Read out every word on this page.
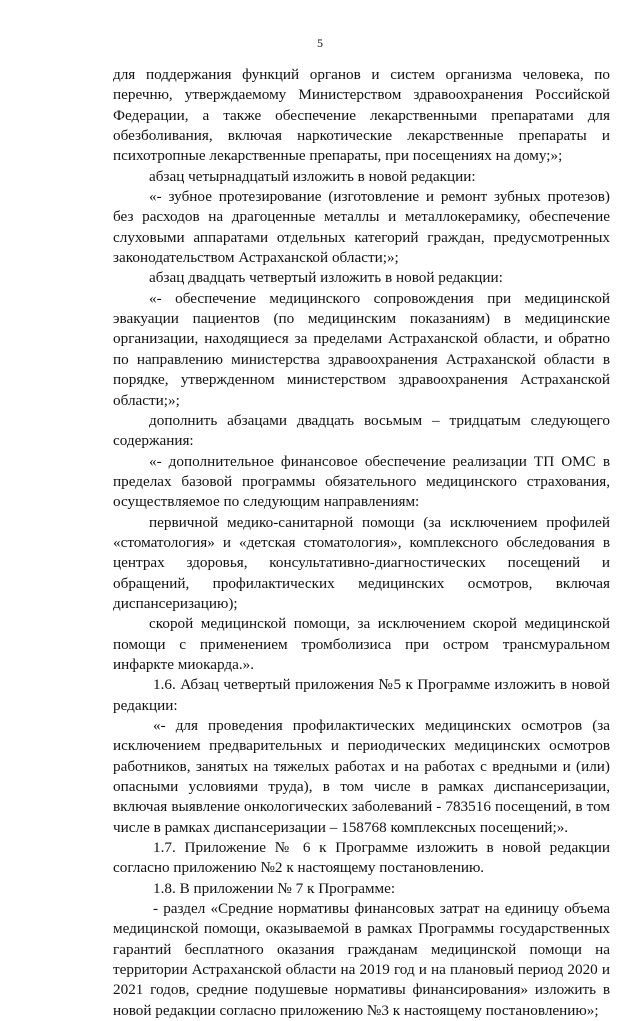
5

для поддержания функций органов и систем организма человека, по перечню, утверждаемому Министерством здравоохранения Российской Федерации, а также обеспечение лекарственными препаратами для обезболивания, включая наркотические лекарственные препараты и психотропные лекарственные препараты, при посещениях на дому;»;

абзац четырнадцатый изложить в новой редакции:

«- зубное протезирование (изготовление и ремонт зубных протезов) без расходов на драгоценные металлы и металлокерамику, обеспечение слуховыми аппаратами отдельных категорий граждан, предусмотренных законодательством Астраханской области;»;

абзац двадцать четвертый изложить в новой редакции:

«- обеспечение медицинского сопровождения при медицинской эвакуации пациентов (по медицинским показаниям) в медицинские организации, находящиеся за пределами Астраханской области, и обратно по направлению министерства здравоохранения Астраханской области в порядке, утвержденном министерством здравоохранения Астраханской области;»;

дополнить абзацами двадцать восьмым – тридцатым следующего содержания:

«- дополнительное финансовое обеспечение реализации ТП ОМС в пределах базовой программы обязательного медицинского страхования, осуществляемое по следующим направлениям:

первичной медико-санитарной помощи (за исключением профилей «стоматология» и «детская стоматология», комплексного обследования в центрах здоровья, консультативно-диагностических посещений и обращений, профилактических медицинских осмотров, включая диспансеризацию);

скорой медицинской помощи, за исключением скорой медицинской помощи с применением тромболизиса при остром трансмуральном инфаркте миокарда.».

1.6. Абзац четвертый приложения №5 к Программе изложить в новой редакции:

«- для проведения профилактических медицинских осмотров (за исключением предварительных и периодических медицинских осмотров работников, занятых на тяжелых работах и на работах с вредными и (или) опасными условиями труда), в том числе в рамках диспансеризации, включая выявление онкологических заболеваний - 783516 посещений, в том числе в рамках диспансеризации – 158768 комплексных посещений;».

1.7. Приложение № 6 к Программе изложить в новой редакции согласно приложению №2 к настоящему постановлению.

1.8. В приложении № 7 к Программе:

- раздел «Средние нормативы финансовых затрат на единицу объема медицинской помощи, оказываемой в рамках Программы государственных гарантий бесплатного оказания гражданам медицинской помощи на территории Астраханской области на 2019 год и на плановый период 2020 и 2021 годов, средние подушевые нормативы финансирования» изложить в новой редакции согласно приложению №3 к настоящему постановлению»;
